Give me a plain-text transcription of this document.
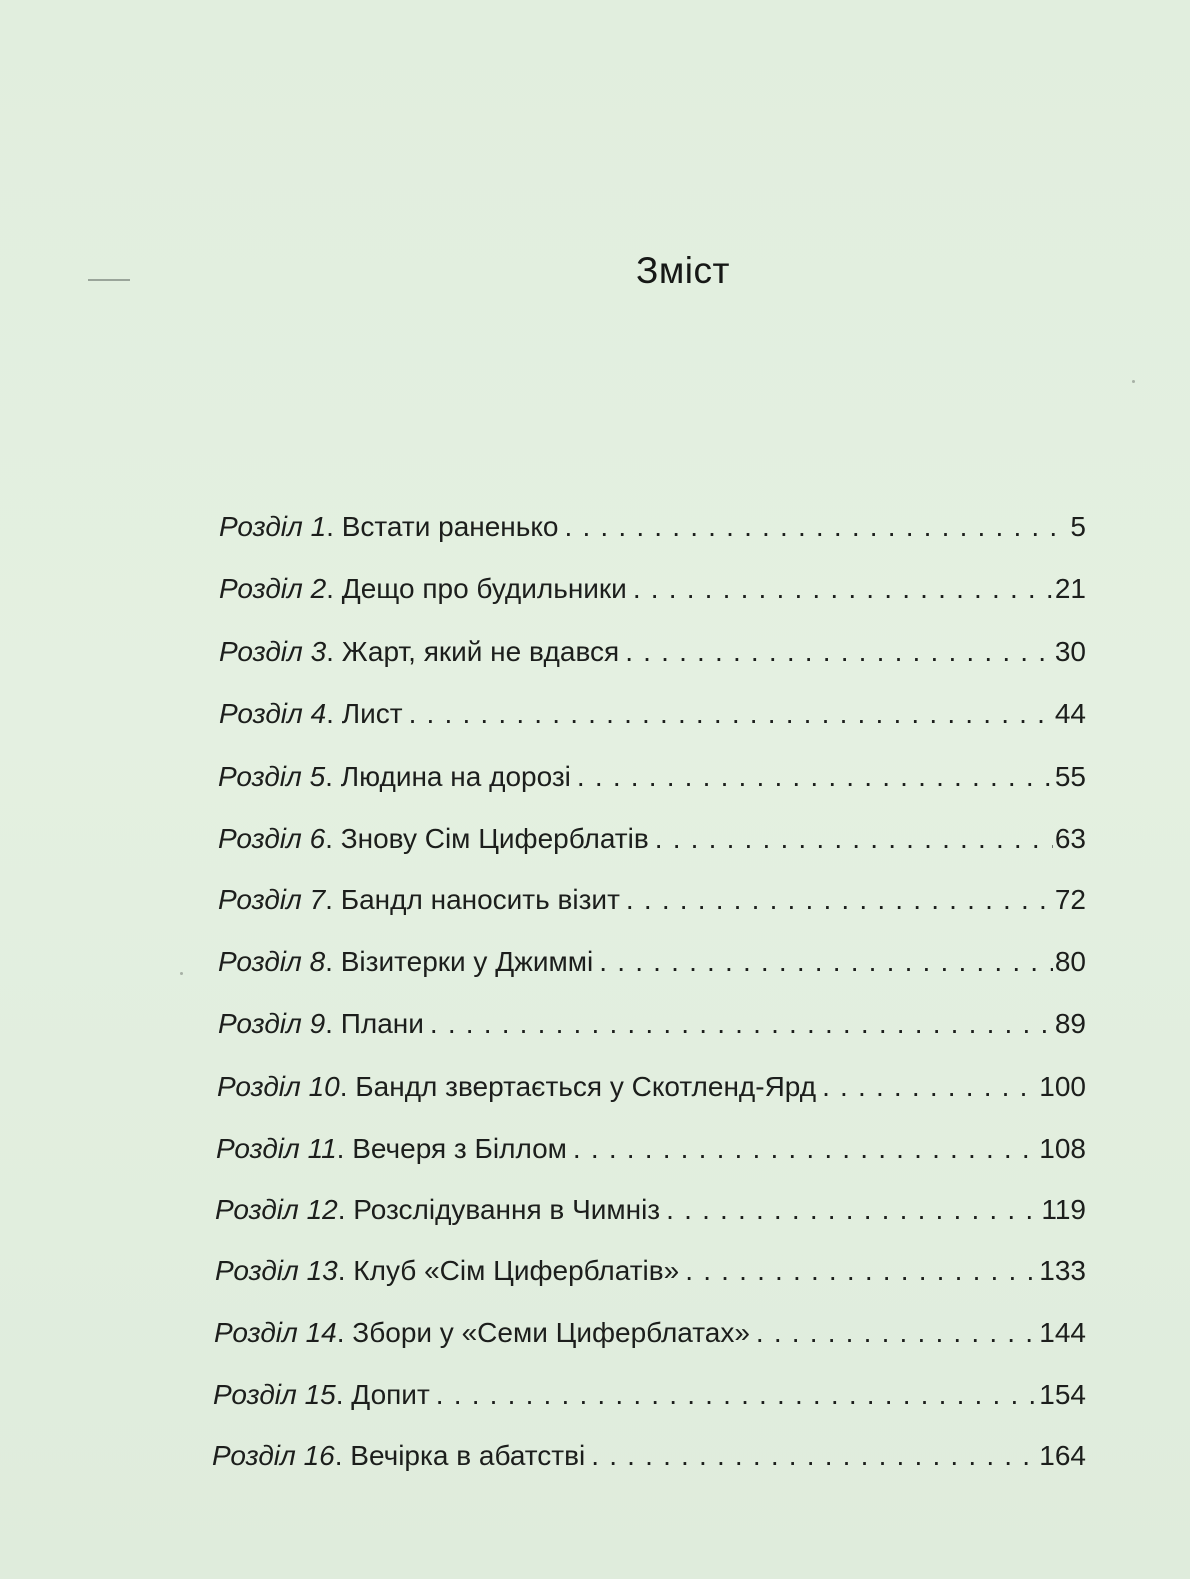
Зміст
Розділ 1 . Встати раненько . . .	5
Розділ 2 . Дещо про будильники . . .	21
Розділ 3 . Жарт, який не вдався . . .	30
Розділ 4 . Лист . . .	44
Розділ 5 . Людина на дорозі . . .	55
Розділ 6 . Знову Сім Циферблатів . . .	63
Розділ 7 . Бандл наносить візит . . .	72
Розділ 8 . Візитерки у Джиммі . . .	80
Розділ 9 . Плани . . .	89
Розділ 10 . Бандл звертається у Скотленд-Ярд . . .	100
Розділ 11 . Вечеря з Біллом . . .	108
Розділ 12 . Розслідування в Чимніз . . .	119
Розділ 13 . Клуб «Сім Циферблатів» . . .	133
Розділ 14 . Збори у «Семи Циферблатах» . . .	144
Розділ 15 . Допит . . .	154
Розділ 16 . Вечірка в абатстві . . .	164
